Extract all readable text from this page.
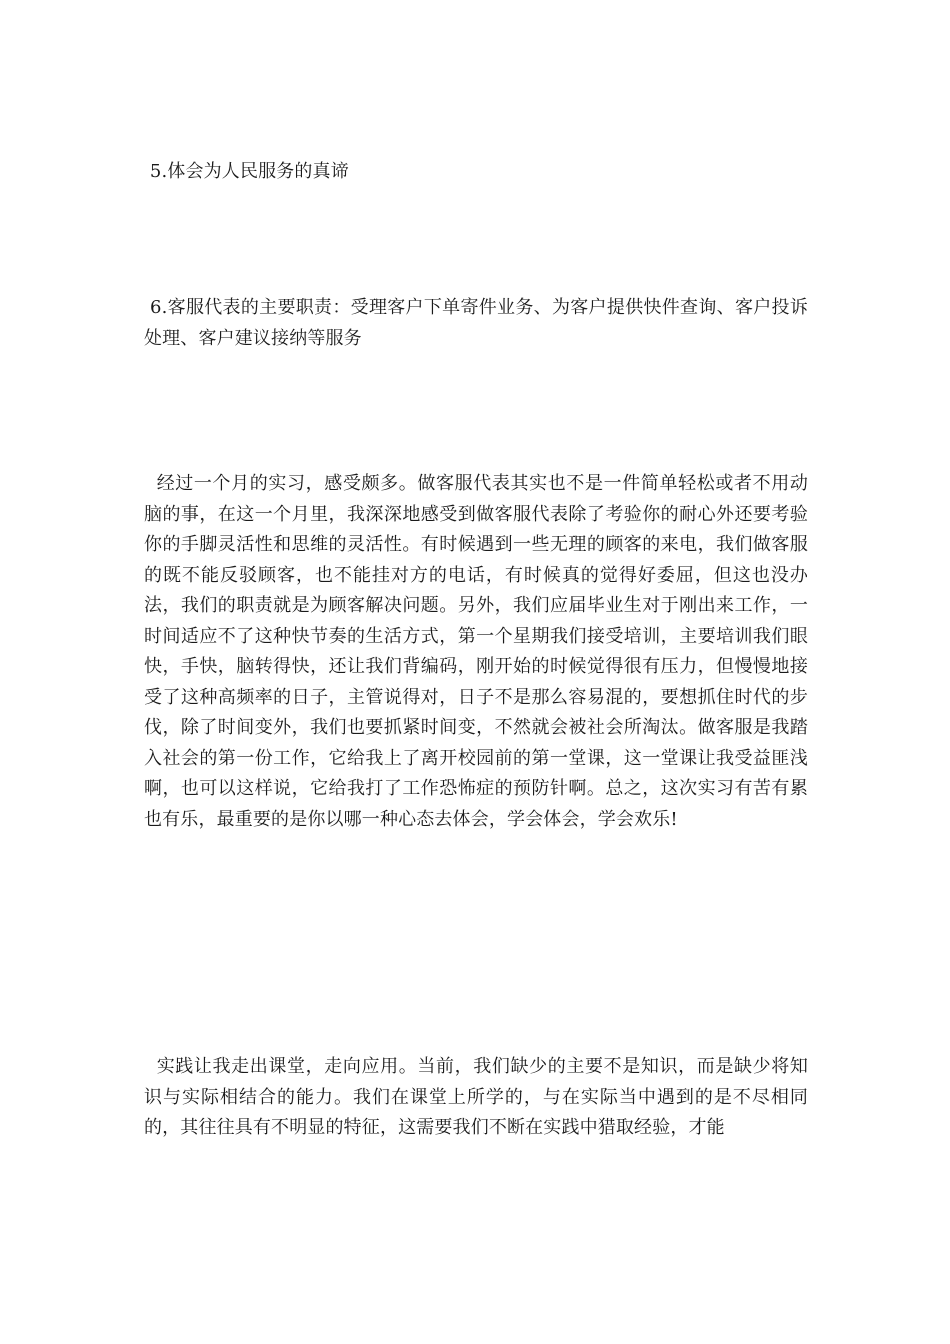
5.体会为人民服务的真谛

6.客服代表的主要职责：受理客户下单寄件业务、为客户提供快件查询、客户投诉处理、客户建议接纳等服务

经过一个月的实习，感受颇多。做客服代表其实也不是一件简单轻松或者不用动脑的事，在这一个月里，我深深地感受到做客服代表除了考验你的耐心外还要考验你的手脚灵活性和思维的灵活性。有时候遇到一些无理的顾客的来电，我们做客服的既不能反驳顾客，也不能挂对方的电话，有时候真的觉得好委屈，但这也没办法，我们的职责就是为顾客解决问题。另外，我们应届毕业生对于刚出来工作，一时间适应不了这种快节奏的生活方式，第一个星期我们接受培训，主要培训我们眼快，手快，脑转得快，还让我们背编码，刚开始的时候觉得很有压力，但慢慢地接受了这种高频率的日子，主管说得对，日子不是那么容易混的，要想抓住时代的步伐，除了时间变外，我们也要抓紧时间变，不然就会被社会所淘汰。做客服是我踏入社会的第一份工作，它给我上了离开校园前的第一堂课，这一堂课让我受益匪浅啊，也可以这样说，它给我打了工作恐怖症的预防针啊。总之，这次实习有苦有累也有乐，最重要的是你以哪一种心态去体会，学会体会，学会欢乐!

实践让我走出课堂，走向应用。当前，我们缺少的主要不是知识，而是缺少将知识与实际相结合的能力。我们在课堂上所学的，与在实际当中遇到的是不尽相同的，其往往具有不明显的特征，这需要我们不断在实践中猎取经验，才能
